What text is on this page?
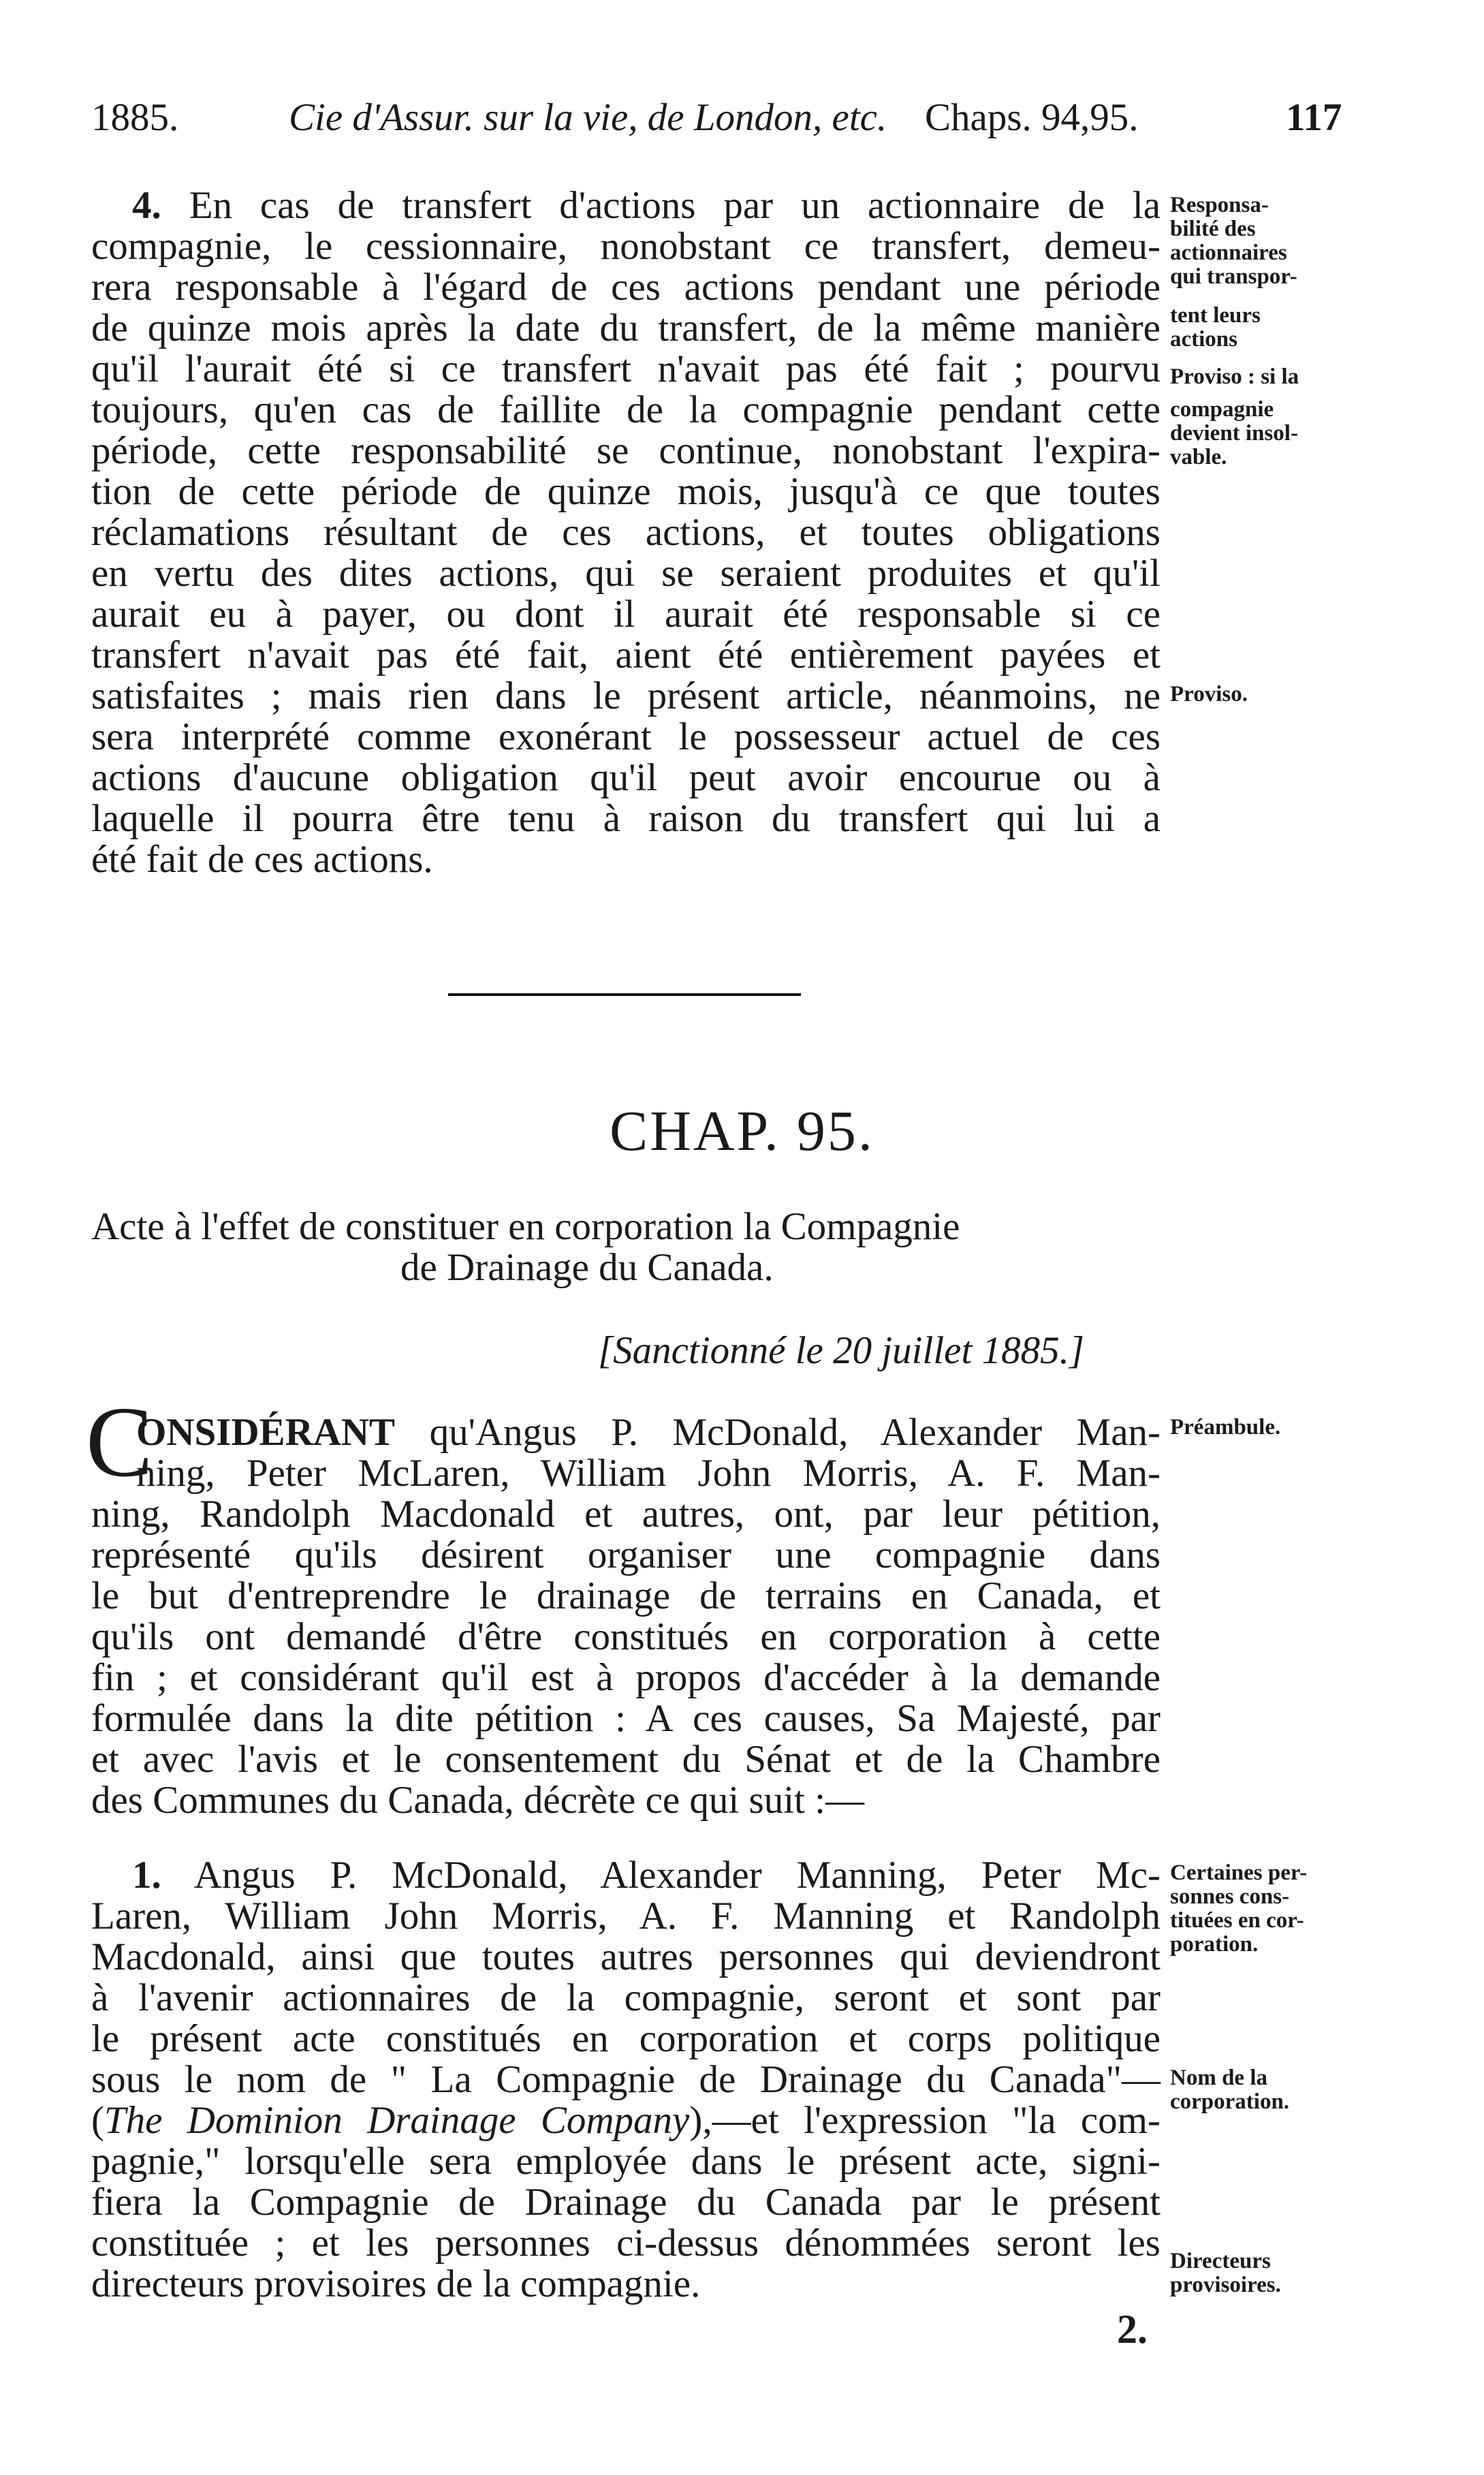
1885.	Cie d'Assur. sur la vie, de London, etc. Chaps. 94,95.	117
4. En cas de transfert d'actions par un actionnaire de la
compagnie, le cessionnaire, nonobstant ce transfert, demeu-
rera responsable à l'égard de ces actions pendant une période
de quinze mois après la date du transfert, de la même manière
qu'il l'aurait été si ce transfert n'avait pas été fait ; pourvu
toujours, qu'en cas de faillite de la compagnie pendant cette
période, cette responsabilité se continue, nonobstant l'expira-
tion de cette période de quinze mois, jusqu'à ce que toutes
réclamations résultant de ces actions, et toutes obligations
en vertu des dites actions, qui se seraient produites et qu'il
aurait eu à payer, ou dont il aurait été responsable si ce
transfert n'avait pas été fait, aient été entièrement payées et
satisfaites ; mais rien dans le présent article, néanmoins, ne
sera interprété comme exonérant le possesseur actuel de ces
actions d'aucune obligation qu'il peut avoir encourue ou à
laquelle il pourra être tenu à raison du transfert qui lui a
été fait de ces actions.
Responsa-
bilité des
actionnaires
qui transpor-
tent leurs
actions
Proviso : si la
compagnie
devient insol-
vable.
Proviso.
CHAP. 95.
Acte à l'effet de constituer en corporation la Compagnie
de Drainage du Canada.
[Sanctionné le 20 juillet 1885.]
C
ONSIDÉRANT qu'Angus P. McDonald, Alexander Man-
ning, Peter McLaren, William John Morris, A. F. Man-
ning, Randolph Macdonald et autres, ont, par leur pétition,
représenté qu'ils désirent organiser une compagnie dans
le but d'entreprendre le drainage de terrains en Canada, et
qu'ils ont demandé d'être constitués en corporation à cette
fin ; et considérant qu'il est à propos d'accéder à la demande
formulée dans la dite pétition : A ces causes, Sa Majesté, par
et avec l'avis et le consentement du Sénat et de la Chambre
des Communes du Canada, décrète ce qui suit :—
Préambule.
1. Angus P. McDonald, Alexander Manning, Peter Mc-
Laren, William John Morris, A. F. Manning et Randolph
Macdonald, ainsi que toutes autres personnes qui deviendront
à l'avenir actionnaires de la compagnie, seront et sont par
le présent acte constitués en corporation et corps politique
sous le nom de " La Compagnie de Drainage du Canada"—
(The Dominion Drainage Company),—et l'expression "la com-
pagnie," lorsqu'elle sera employée dans le présent acte, signi-
fiera la Compagnie de Drainage du Canada par le présent
constituée ; et les personnes ci-dessus dénommées seront les
directeurs provisoires de la compagnie.
Certaines per-
sonnes cons-
tituées en cor-
poration.
Nom de la
corporation.
Directeurs
provisoires.
2.
